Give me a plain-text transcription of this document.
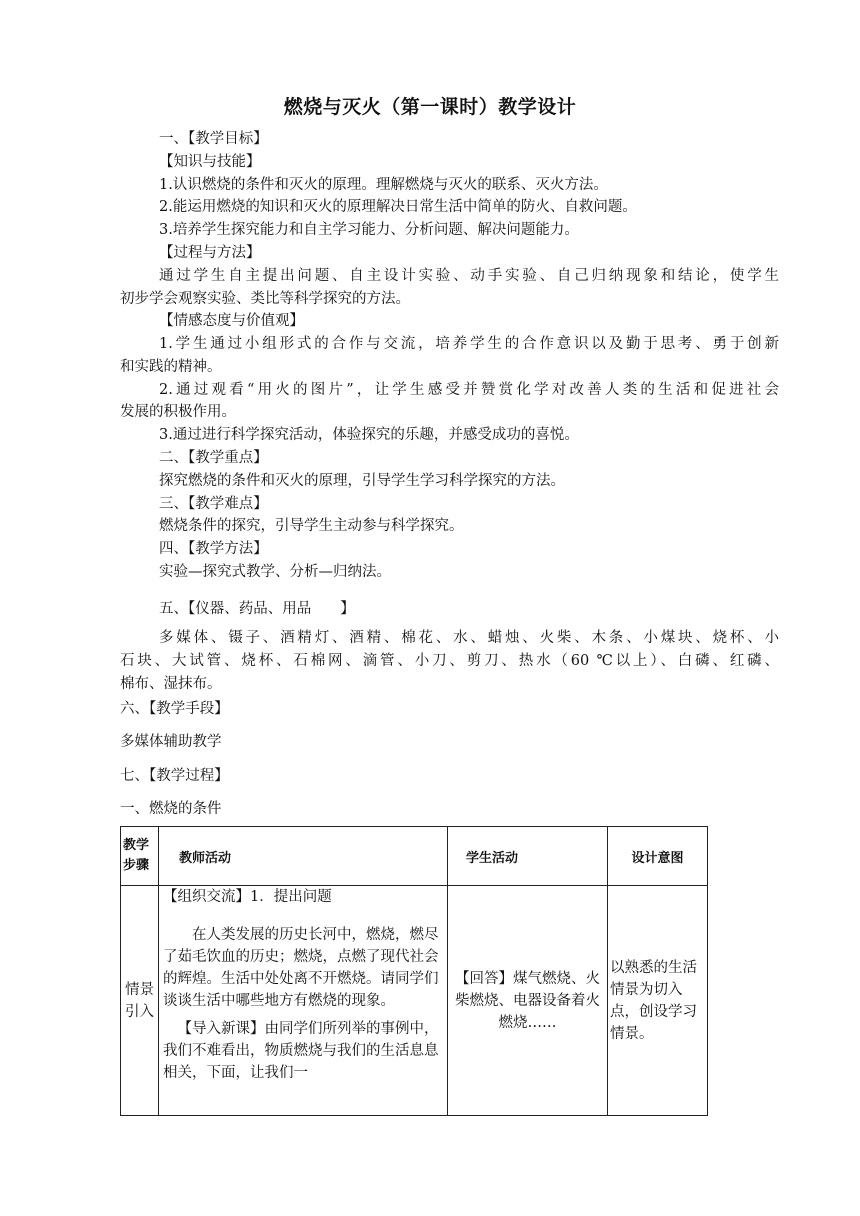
燃烧与灭火（第一课时）教学设计
一、【教学目标】
【知识与技能】
1.认识燃烧的条件和灭火的原理。理解燃烧与灭火的联系、灭火方法。
2.能运用燃烧的知识和灭火的原理解决日常生活中简单的防火、自救问题。
3.培养学生探究能力和自主学习能力、分析问题、解决问题能力。
【过程与方法】
通过学生自主提出问题、自主设计实验、动手实验、自己归纳现象和结论，使学生
初步学会观察实验、类比等科学探究的方法。
【情感态度与价值观】
1.学生通过小组形式的合作与交流，培养学生的合作意识以及勤于思考、勇于创新
和实践的精神。
2.通过观看“用火的图片”，让学生感受并赞赏化学对改善人类的生活和促进社会
发展的积极作用。
3.通过进行科学探究活动，体验探究的乐趣，并感受成功的喜悦。
二、【教学重点】
探究燃烧的条件和灭火的原理，引导学生学习科学探究的方法。
三、【教学难点】
燃烧条件的探究，引导学生主动参与科学探究。
四、【教学方法】
实验—探究式教学、分析—归纳法。
五、【仪器、药品、用品　　】
多媒体、镊子、酒精灯、酒精、棉花、水、蜡烛、火柴、木条、小煤块、烧杯、小
石块、大试管、烧杯、石棉网、滴管、小刀、剪刀、热水（60 ℃以上）、白磷、红磷、
棉布、湿抹布。
六、【教学手段】
多媒体辅助教学
七、【教学过程】
一、燃烧的条件
教学步骤	教师活动	学生活动	设计意图
情景引入	【组织交流】1．提出问题

在人类发展的历史长河中，燃烧，燃尽了茹毛饮血的历史；燃烧，点燃了现代社会的辉煌。生活中处处离不开燃烧。请同学们谈谈生活中哪些地方有燃烧的现象。

【导入新课】由同学们所列举的事例中，我们不难看出，物质燃烧与我们的生活息息相关，下面，让我们一	【回答】煤气燃烧、火柴燃烧、电器设备着火燃烧……	以熟悉的生活情景为切入点，创设学习情景。
